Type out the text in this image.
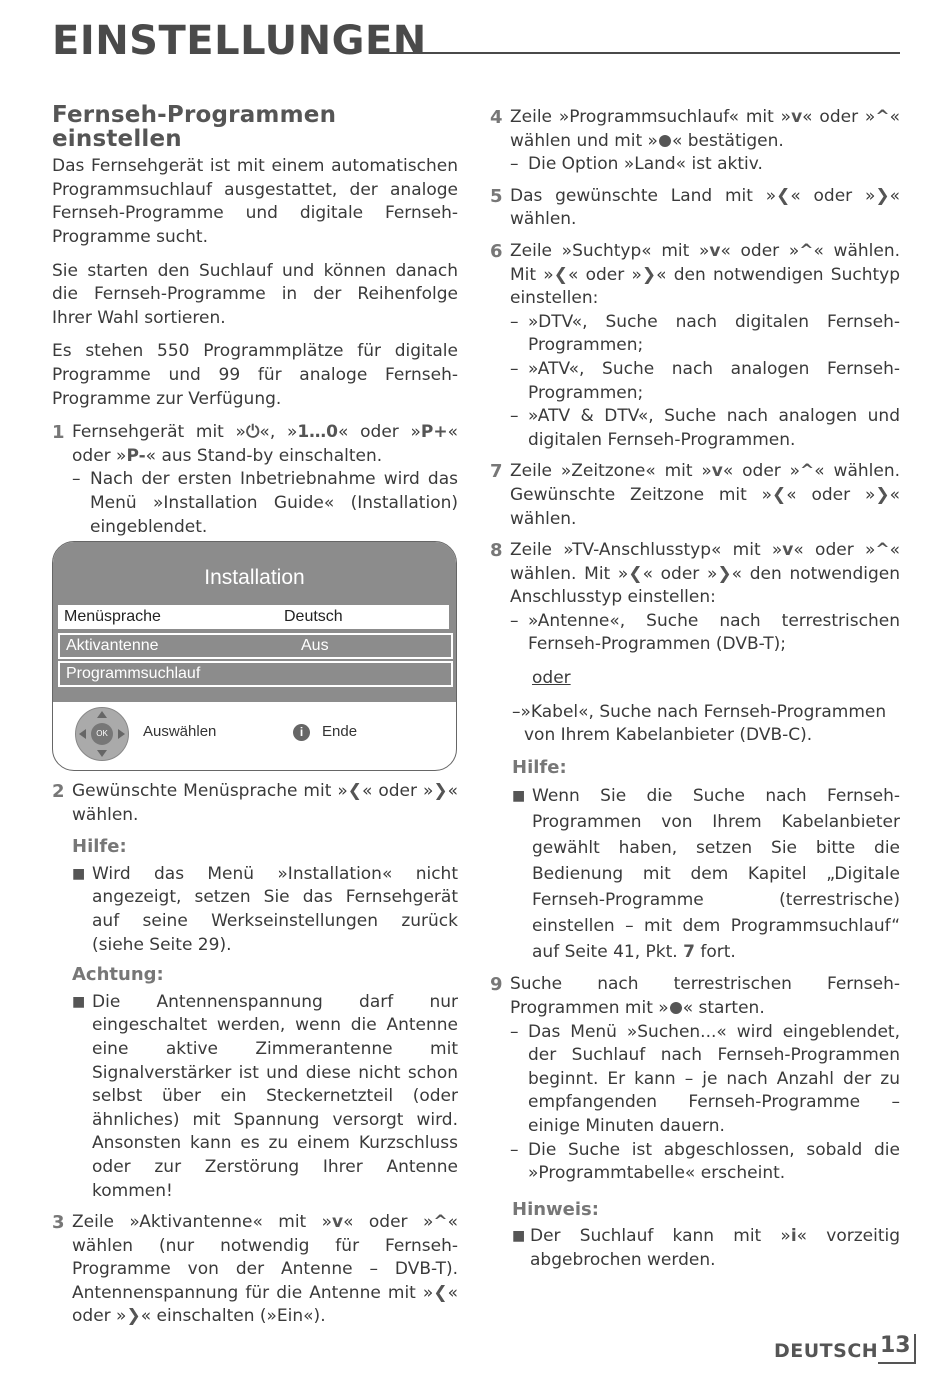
EINSTELLUNGEN
Fernseh-Programmen einstellen

Das Fernsehgerät ist mit einem automatischen Programmsuchlauf ausgestattet, der analoge Fernseh-Programme und digitale Fernseh-Programme sucht.

Sie starten den Suchlauf und können danach die Fernseh-Programme in der Reihenfolge Ihrer Wahl sortieren.

Es stehen 550 Programmplätze für digitale Programme und 99 für analoge Fernseh-Programme zur Verfügung.

1 Fernsehgerät mit »⏻«, »1…0« oder »P+« oder »P-« aus Stand-by einschalten.
– Nach der ersten Inbetriebnahme wird das Menü »Installation Guide« (Installation) eingeblendet.
Installation
Menüsprache	Deutsch
Aktivantenne	Aus
Programmsuchlauf
OK	Auswählen	i	Ende
2 Gewünschte Menüsprache mit »❮« oder »❯« wählen.
Hilfe:
■ Wird das Menü »Installation« nicht angezeigt, setzen Sie das Fernsehgerät auf seine Werkseinstellungen zurück (siehe Seite 29).
Achtung:
■ Die Antennenspannung darf nur eingeschaltet werden, wenn die Antenne eine aktive Zimmerantenne mit Signalverstärker ist und diese nicht schon selbst über ein Steckernetzteil (oder ähnliches) mit Spannung versorgt wird. Ansonsten kann es zu einem Kurzschluss oder zur Zerstörung Ihrer Antenne kommen!
3 Zeile »Aktivantenne« mit »v« oder »^« wählen (nur notwendig für Fernseh-Programme von der Antenne – DVB-T). Antennenspannung für die Antenne mit »❮« oder »❯« einschalten (»Ein«).
4 Zeile »Programmsuchlauf« mit »v« oder »^« wählen und mit » « bestätigen.
– Die Option »Land« ist aktiv.
5 Das gewünschte Land mit »❮« oder »❯« wählen.
6 Zeile »Suchtyp« mit »v« oder »^« wählen. Mit »❮« oder »❯« den notwendigen Suchtyp einstellen:
– »DTV«, Suche nach digitalen Fernseh-Programmen;
– »ATV«, Suche nach analogen Fernseh-Programmen;
– »ATV & DTV«, Suche nach analogen und digitalen Fernseh-Programmen.
7 Zeile »Zeitzone« mit »v« oder »^« wählen. Gewünschte Zeitzone mit »❮« oder »❯« wählen.
8 Zeile »TV-Anschlusstyp« mit »v« oder »^« wählen. Mit »❮« oder »❯« den notwendigen Anschlusstyp einstellen:
– »Antenne«, Suche nach terrestrischen Fernseh-Programmen (DVB-T);
oder
–»Kabel«, Suche nach Fernseh-Programmen
von Ihrem Kabelanbieter (DVB-C).
Hilfe:
■ Wenn Sie die Suche nach Fernseh-Programmen von Ihrem Kabelanbieter gewählt haben, setzen Sie bitte die Bedienung mit dem Kapitel „Digitale Fernseh-Programme (terrestrische) einstellen – mit dem Programmsuchlauf“ auf Seite 41, Pkt. 7 fort.
9 Suche nach terrestrischen Fernseh-Programmen mit » « starten.
– Das Menü »Suchen...« wird eingeblendet, der Suchlauf nach Fernseh-Programmen beginnt. Er kann – je nach Anzahl der zu empfangenden Fernseh-Programme – einige Minuten dauern.
– Die Suche ist abgeschlossen, sobald die »Programmtabelle« erscheint.
Hinweis:
■ Der Suchlauf kann mit »i« vorzeitig abgebrochen werden.
DEUTSCH 13
